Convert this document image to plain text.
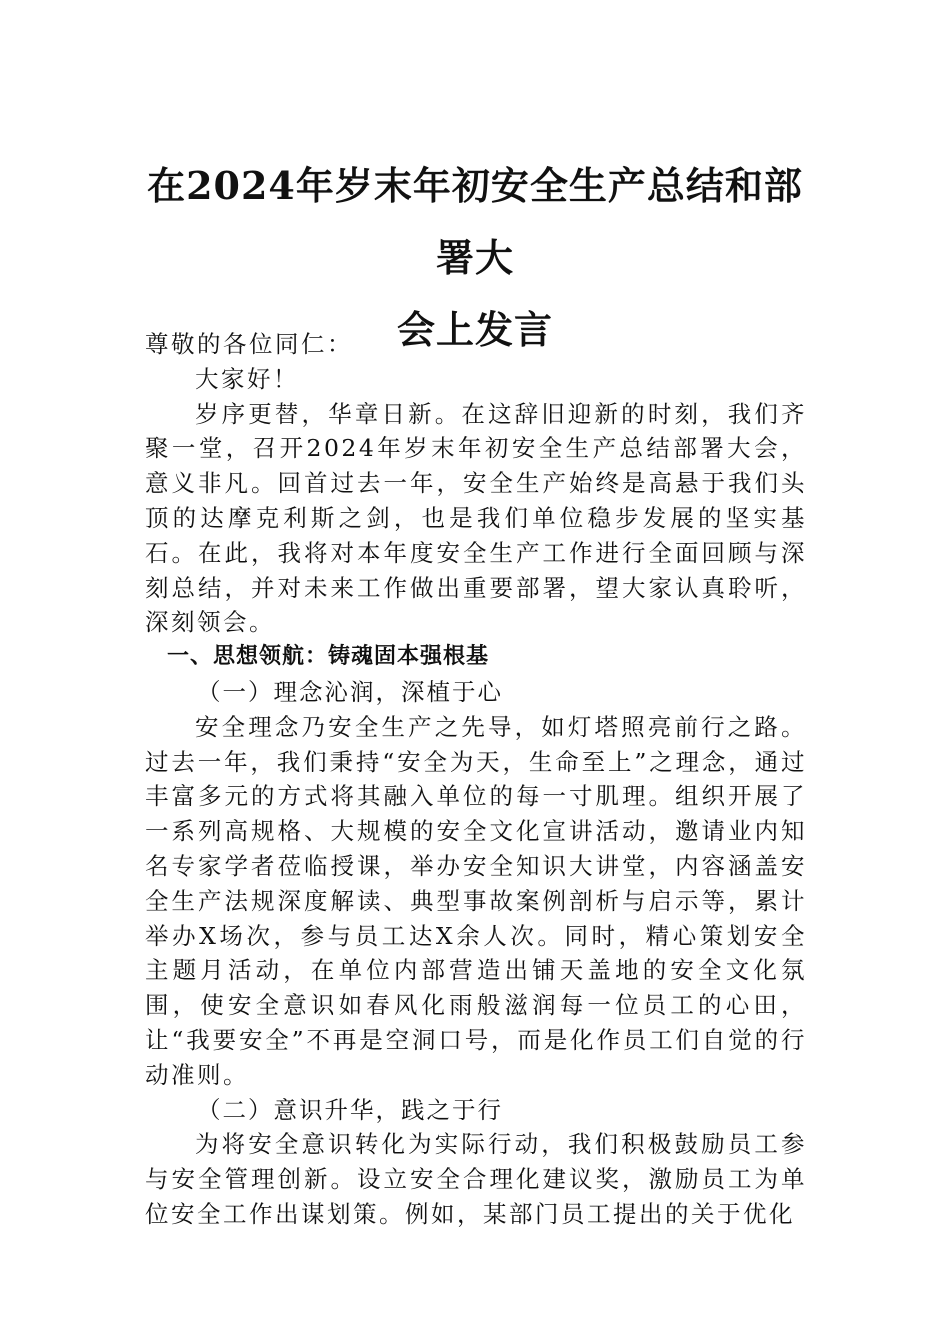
在2024年岁末年初安全生产总结和部署大
会上发言

尊敬的各位同仁：

大家好！

岁序更替，华章日新。在这辞旧迎新的时刻，我们齐聚一堂，召开2024年岁末年初安全生产总结部署大会，意义非凡。回首过去一年，安全生产始终是高悬于我们头顶的达摩克利斯之剑，也是我们单位稳步发展的坚实基石。在此，我将对本年度安全生产工作进行全面回顾与深刻总结，并对未来工作做出重要部署，望大家认真聆听，深刻领会。

一、思想领航：铸魂固本强根基

（一）理念沁润，深植于心

安全理念乃安全生产之先导，如灯塔照亮前行之路。过去一年，我们秉持“安全为天，生命至上”之理念，通过丰富多元的方式将其融入单位的每一寸肌理。组织开展了一系列高规格、大规模的安全文化宣讲活动，邀请业内知名专家学者莅临授课，举办安全知识大讲堂，内容涵盖安全生产法规深度解读、典型事故案例剖析与启示等，累计举办X场次，参与员工达X余人次。同时，精心策划安全主题月活动，在单位内部营造出铺天盖地的安全文化氛围，使安全意识如春风化雨般滋润每一位员工的心田，让“我要安全”不再是空洞口号，而是化作员工们自觉的行动准则。

（二）意识升华，践之于行

为将安全意识转化为实际行动，我们积极鼓励员工参与安全管理创新。设立安全合理化建议奖，激励员工为单位安全工作出谋划策。例如，某部门员工提出的关于优化
